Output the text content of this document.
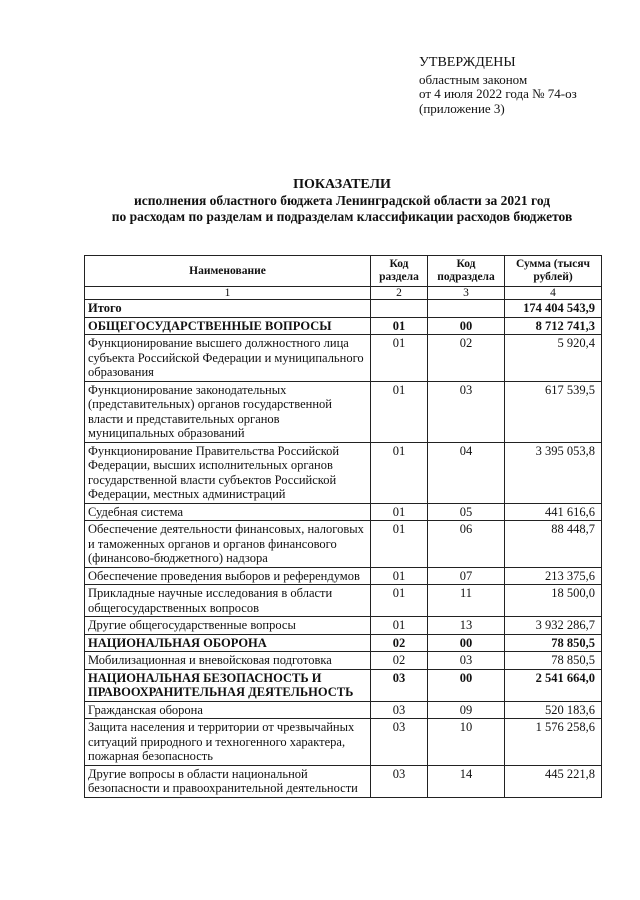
УТВЕРЖДЕНЫ
областным законом
от 4 июля 2022 года № 74-оз
(приложение 3)
ПОКАЗАТЕЛИ
исполнения областного бюджета Ленинградской области за 2021 год
по расходам по разделам и подразделам классификации расходов бюджетов
Наименование	Код раздела	Код подраздела	Сумма (тысяч рублей)
1	2	3	4
Итого			174 404 543,9
ОБЩЕГОСУДАРСТВЕННЫЕ ВОПРОСЫ	01	00	8 712 741,3
Функционирование высшего должностного лица субъекта Российской Федерации и муниципального образования	01	02	5 920,4
Функционирование законодательных (представительных) органов государственной власти и представительных органов муниципальных образований	01	03	617 539,5
Функционирование Правительства Российской Федерации, высших исполнительных органов государственной власти субъектов Российской Федерации, местных администраций	01	04	3 395 053,8
Судебная система	01	05	441 616,6
Обеспечение деятельности финансовых, налоговых и таможенных органов и органов финансового (финансово-бюджетного) надзора	01	06	88 448,7
Обеспечение проведения выборов и референдумов	01	07	213 375,6
Прикладные научные исследования в области общегосударственных вопросов	01	11	18 500,0
Другие общегосударственные вопросы	01	13	3 932 286,7
НАЦИОНАЛЬНАЯ ОБОРОНА	02	00	78 850,5
Мобилизационная и вневойсковая подготовка	02	03	78 850,5
НАЦИОНАЛЬНАЯ БЕЗОПАСНОСТЬ И ПРАВООХРАНИТЕЛЬНАЯ ДЕЯТЕЛЬНОСТЬ	03	00	2 541 664,0
Гражданская оборона	03	09	520 183,6
Защита населения и территории от чрезвычайных ситуаций природного и техногенного характера, пожарная безопасность	03	10	1 576 258,6
Другие вопросы в области национальной безопасности и правоохранительной деятельности	03	14	445 221,8
